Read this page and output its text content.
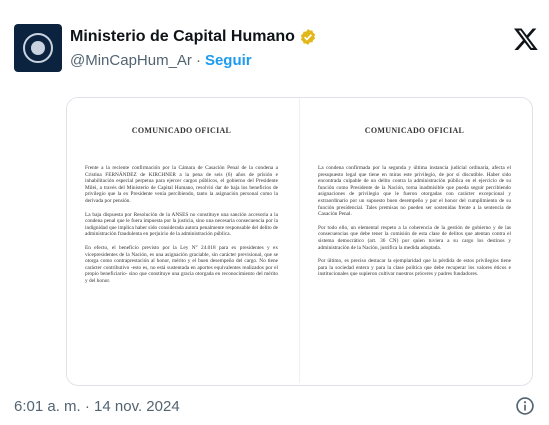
Ministerio de Capital Humano
@MinCapHum_Ar · Seguir
COMUNICADO OFICIAL

Frente a la reciente confirmación por la Cámara de Casación Penal de la condena a Cristina FERNÁNDEZ de KIRCHNER a la pena de seis (6) años de prisión e inhabilitación especial perpetua para ejercer cargos públicos, el gobierno del Presidente Milei, a través del Ministerio de Capital Humano, resolvió dar de baja los beneficios de privilegio que la ex Presidente venía percibiendo, tanto la asignación personal como la derivada por pensión.

La baja dispuesta por Resolución de la ANSES no constituye una sanción accesoria a la condena penal que le fuera impuesta por la justicia, sino una necesaria consecuencia por la indignidad que implica haber sido considerada autora penalmente responsable del delito de administración fraudulenta en perjuicio de la administración pública.

En efecto, el beneficio previsto por la Ley N° 24.018 para ex presidentes y ex vicepresidentes de la Nación, es una asignación graciable, sin carácter previsional, que se otorga como contraprestación al honor, mérito y el buen desempeño del cargo. No tiene carácter contributivo -esto es, no está sustentada en aportes equivalentes realizados por el propio beneficiario- sino que constituye una gracia otorgada en reconocimiento del mérito y del honor.

COMUNICADO OFICIAL

La condena confirmada por la segunda y última instancia judicial ordinaria, afecta el presupuesto legal que tiene en miras este privilegio, de por sí discutible. Haber sido encontrada culpable de un delito contra la administración pública en el ejercicio de su función como Presidente de la Nación, torna inadmisible que pueda seguir percibiendo asignaciones de privilegio que le fueron otorgadas con carácter excepcional y extraordinario por un supuesto buen desempeño y por el honor del cumplimiento de su función presidencial. Tales premisas no pueden ser sostenidas frente a la sentencia de Casación Penal.

Por todo ello, un elemental respeto a la coherencia de la gestión de gobierno y de las consecuencias que debe tener la comisión de esta clase de delitos que atentan contra el sistema democrático (art. 36 CN) por quien tuviera a su cargo los destinos y administración de la Nación, justifica la medida adoptada.

Por último, es preciso destacar la ejemplaridad que la pérdida de estos privilegios tiene para la sociedad entera y para la clase política que debe recuperar los valores éticos e institucionales que supieron cultivar nuestros próceres y padres fundadores.

6:01 a. m. · 14 nov. 2024
